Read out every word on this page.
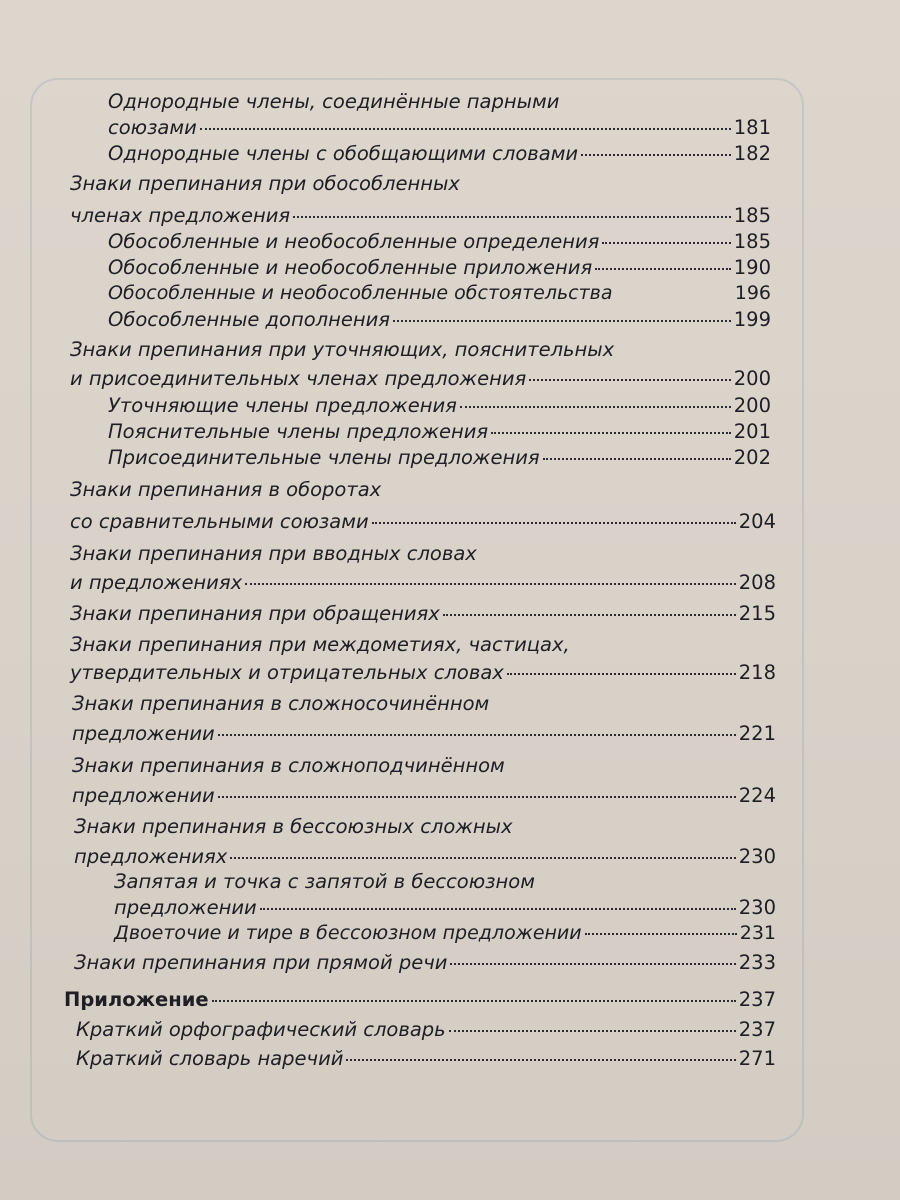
Однородные члены, соединённые парными
союзами	181
Однородные члены с обобщающими словами	182
Знаки препинания при обособленных
членах предложения	185
Обособленные и необособленные определения	185
Обособленные и необособленные приложения	190
Обособленные и необособленные обстоятельства	196
Обособленные дополнения	199
Знаки препинания при уточняющих, пояснительных
и присоединительных членах предложения	200
Уточняющие члены предложения	200
Пояснительные члены предложения	201
Присоединительные члены предложения	202
Знаки препинания в оборотах
со сравнительными союзами	204
Знаки препинания при вводных словах
и предложениях	208
Знаки препинания при обращениях	215
Знаки препинания при междометиях, частицах,
утвердительных и отрицательных словах	218
Знаки препинания в сложносочинённом
предложении	221
Знаки препинания в сложноподчинённом
предложении	224
Знаки препинания в бессоюзных сложных
предложениях	230
Запятая и точка с запятой в бессоюзном
предложении	230
Двоеточие и тире в бессоюзном предложении	231
Знаки препинания при прямой речи	233
Приложение	237
Краткий орфографический словарь	237
Краткий словарь наречий	271
